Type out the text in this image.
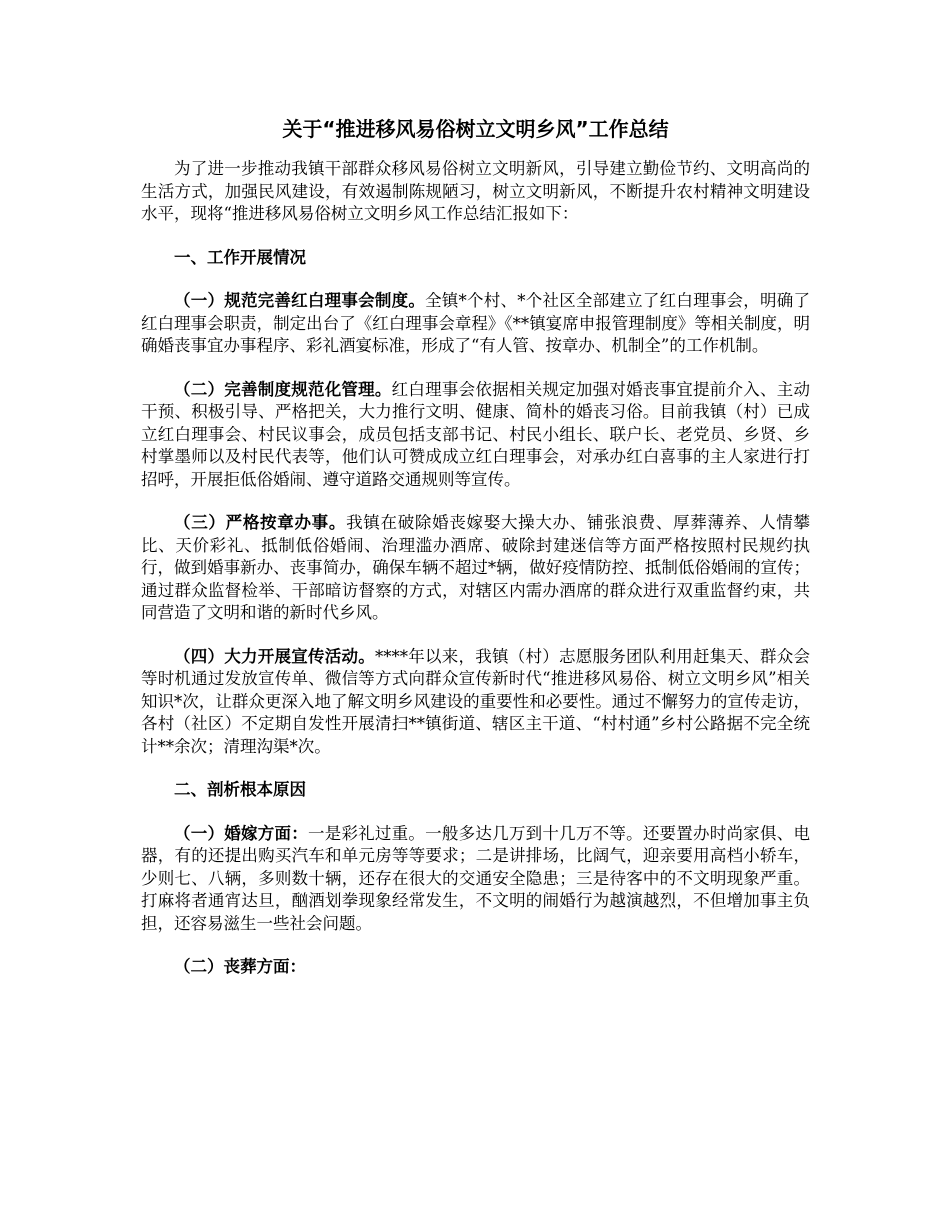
关于“推进移风易俗树立文明乡风”工作总结

为了进一步推动我镇干部群众移风易俗树立文明新风，引导建立勤俭节约、文明高尚的生活方式，加强民风建设，有效遏制陈规陋习，树立文明新风，不断提升农村精神文明建设水平，现将“推进移风易俗树立文明乡风工作总结汇报如下：

一、工作开展情况

（一）规范完善红白理事会制度。全镇*个村、*个社区全部建立了红白理事会，明确了红白理事会职责，制定出台了《红白理事会章程》《**镇宴席申报管理制度》等相关制度，明确婚丧事宜办事程序、彩礼酒宴标准，形成了“有人管、按章办、机制全”的工作机制。

（二）完善制度规范化管理。红白理事会依据相关规定加强对婚丧事宜提前介入、主动干预、积极引导、严格把关，大力推行文明、健康、简朴的婚丧习俗。目前我镇（村）已成立红白理事会、村民议事会，成员包括支部书记、村民小组长、联户长、老党员、乡贤、乡村掌墨师以及村民代表等，他们认可赞成成立红白理事会，对承办红白喜事的主人家进行打招呼，开展拒低俗婚闹、遵守道路交通规则等宣传。

（三）严格按章办事。我镇在破除婚丧嫁娶大操大办、铺张浪费、厚葬薄养、人情攀比、天价彩礼、抵制低俗婚闹、治理滥办酒席、破除封建迷信等方面严格按照村民规约执行，做到婚事新办、丧事简办，确保车辆不超过*辆，做好疫情防控、抵制低俗婚闹的宣传；通过群众监督检举、干部暗访督察的方式，对辖区内需办酒席的群众进行双重监督约束，共同营造了文明和谐的新时代乡风。

（四）大力开展宣传活动。****年以来，我镇（村）志愿服务团队利用赶集天、群众会等时机通过发放宣传单、微信等方式向群众宣传新时代“推进移风易俗、树立文明乡风”相关知识*次，让群众更深入地了解文明乡风建设的重要性和必要性。通过不懈努力的宣传走访，各村（社区）不定期自发性开展清扫**镇街道、辖区主干道、“村村通”乡村公路据不完全统计**余次；清理沟渠*次。

二、剖析根本原因

（一）婚嫁方面：一是彩礼过重。一般多达几万到十几万不等。还要置办时尚家俱、电器，有的还提出购买汽车和单元房等等要求；二是讲排场，比阔气，迎亲要用高档小轿车，少则七、八辆，多则数十辆，还存在很大的交通安全隐患；三是待客中的不文明现象严重。打麻将者通宵达旦，酗酒划拳现象经常发生，不文明的闹婚行为越演越烈，不但增加事主负担，还容易滋生一些社会问题。

（二）丧葬方面：
